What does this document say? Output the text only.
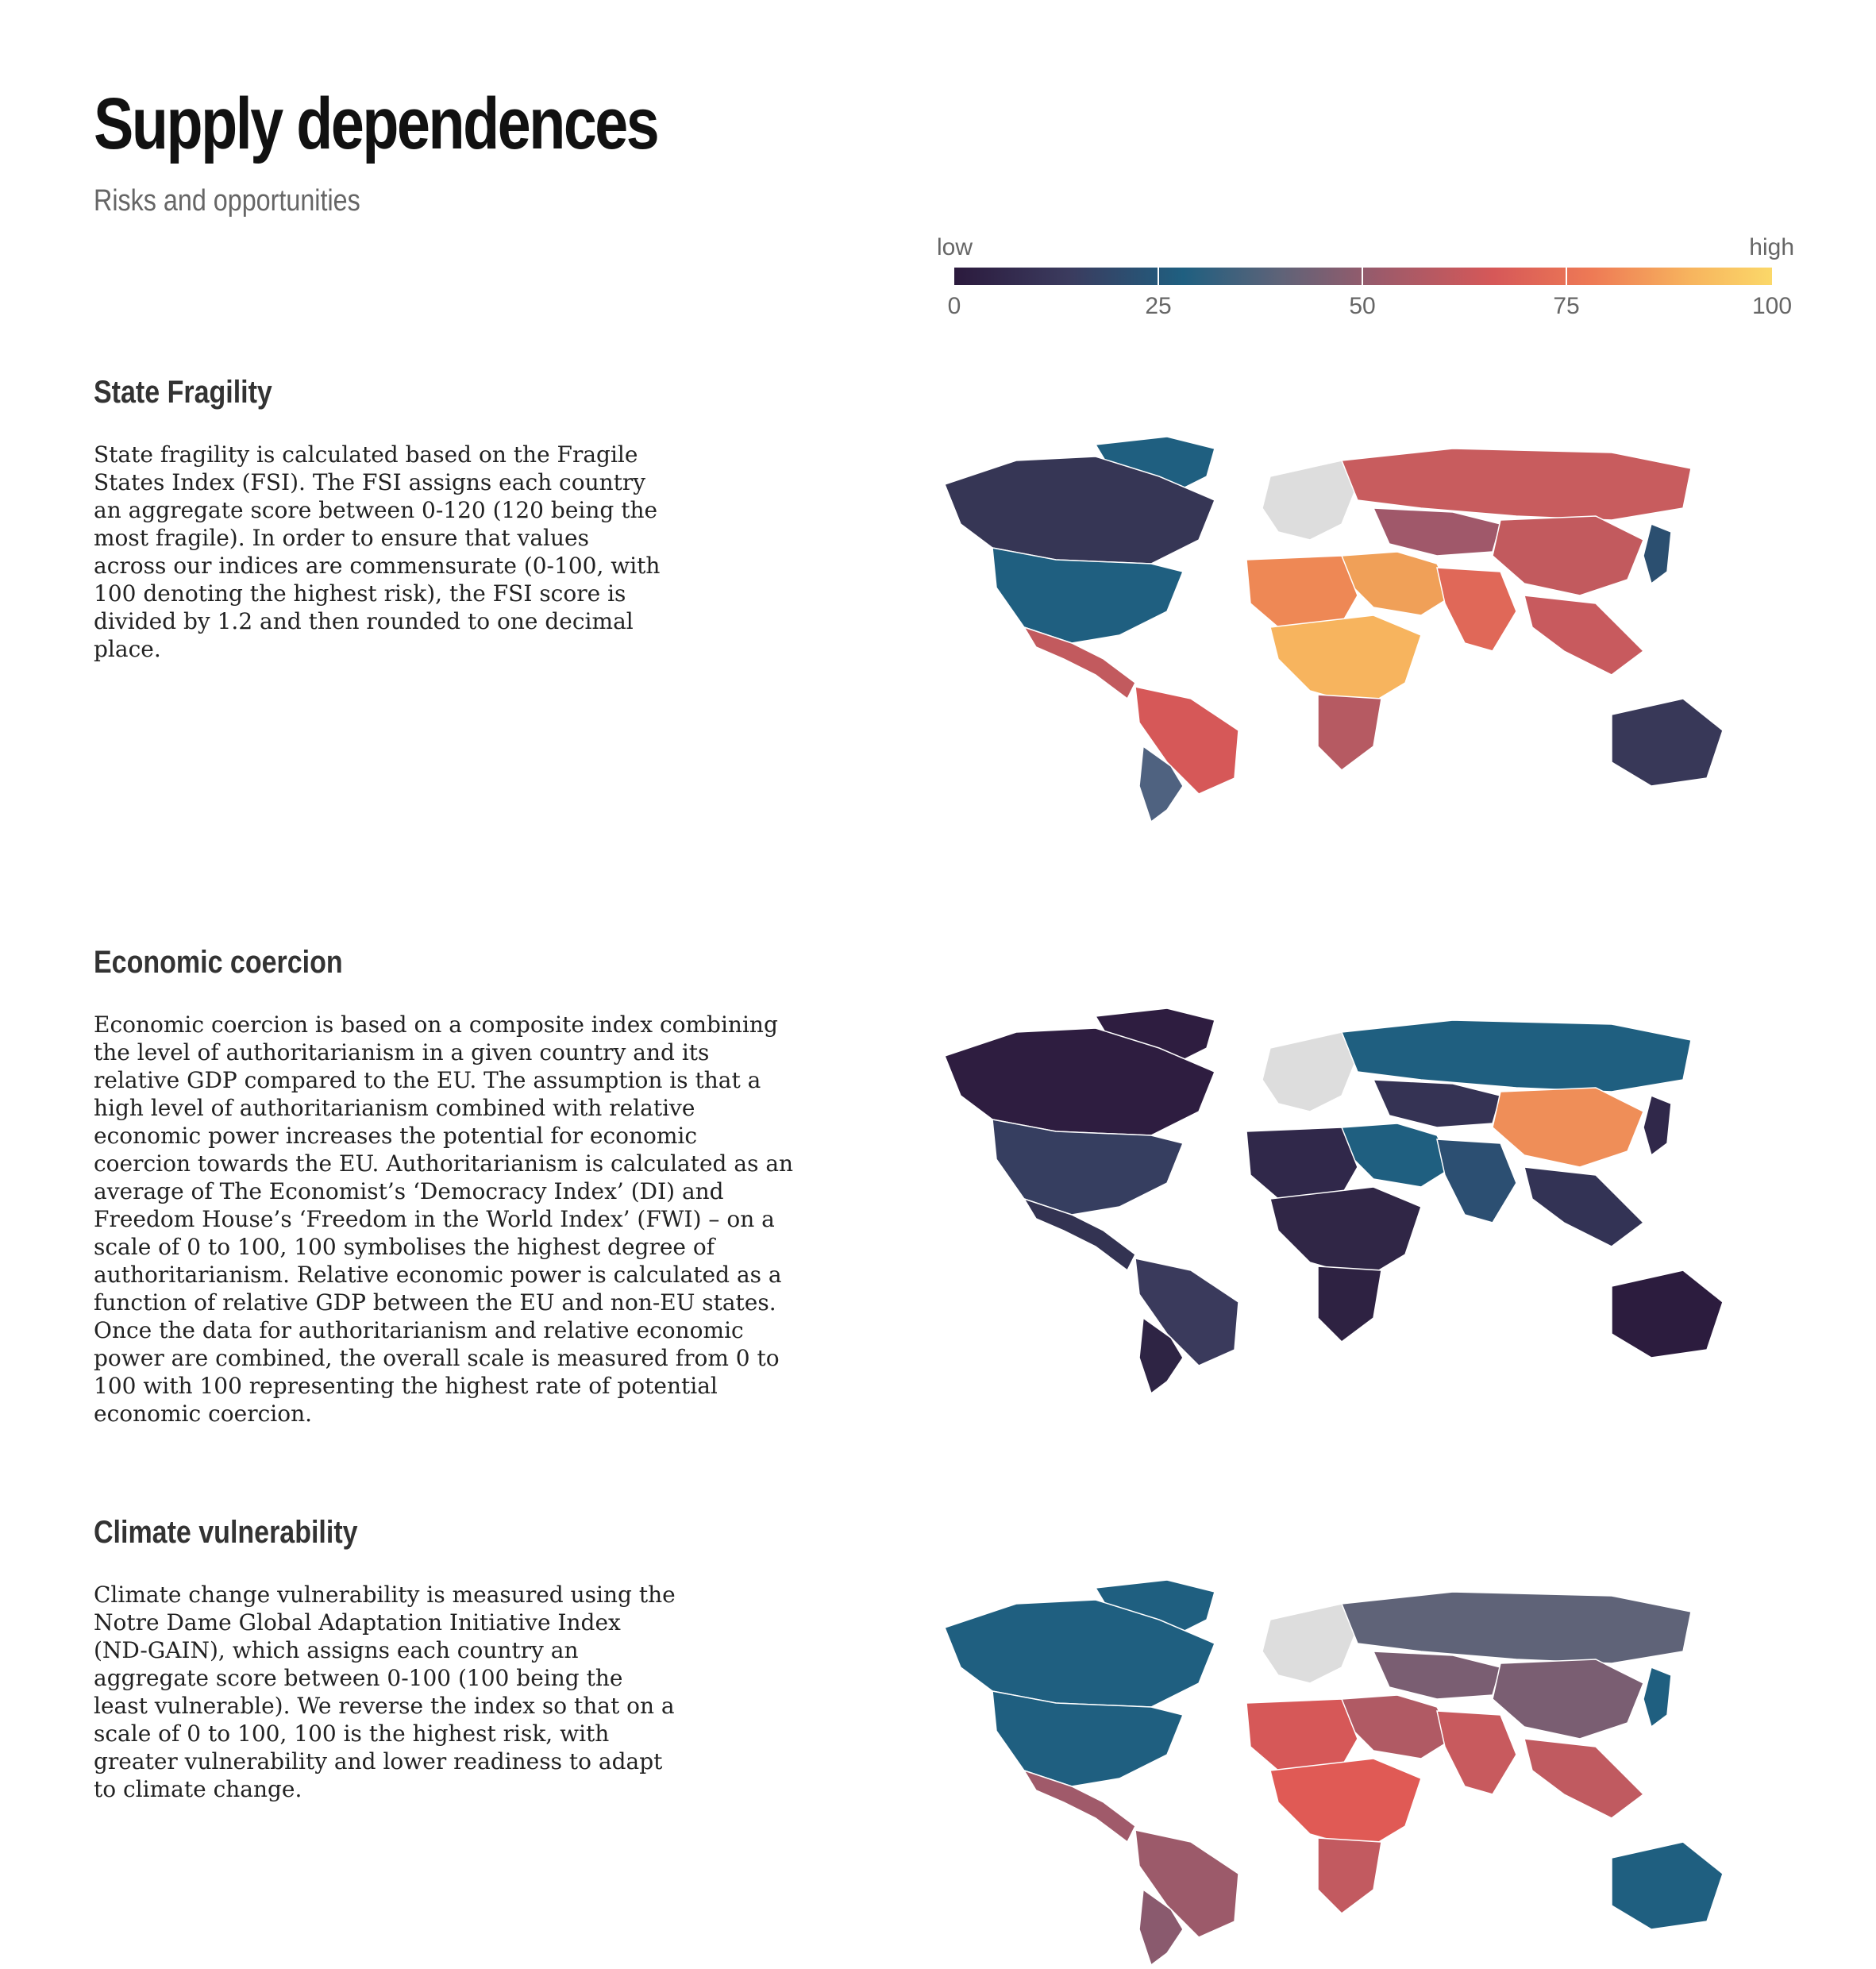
Supply dependences

Risks and opportunities

low	high
0	25	50	75	100
State Fragility

State fragility is calculated based on the Fragile States Index (FSI). The FSI assigns each country an aggregate score between 0-120 (120 being the most fragile). In order to ensure that values across our indices are commensurate (0-100, with 100 denoting the highest risk), the FSI score is divided by 1.2 and then rounded to one decimal place.

Economic coercion

Economic coercion is based on a composite index combining the level of authoritarianism in a given country and its relative GDP compared to the EU. The assumption is that a high level of authoritarianism combined with relative economic power increases the potential for economic coercion towards the EU. Authoritarianism is calculated as an average of The Economist’s ‘Democracy Index’ (DI) and Freedom House’s ‘Freedom in the World Index’ (FWI) – on a scale of 0 to 100, 100 symbolises the highest degree of authoritarianism. Relative economic power is calculated as a function of relative GDP between the EU and non-EU states. Once the data for authoritarianism and relative economic power are combined, the overall scale is measured from 0 to 100 with 100 representing the highest rate of potential economic coercion.

Climate vulnerability

Climate change vulnerability is measured using the Notre Dame Global Adaptation Initiative Index (ND-GAIN), which assigns each country an aggregate score between 0-100 (100 being the least vulnerable). We reverse the index so that on a scale of 0 to 100, 100 is the highest risk, with greater vulnerability and lower readiness to adapt to climate change.
